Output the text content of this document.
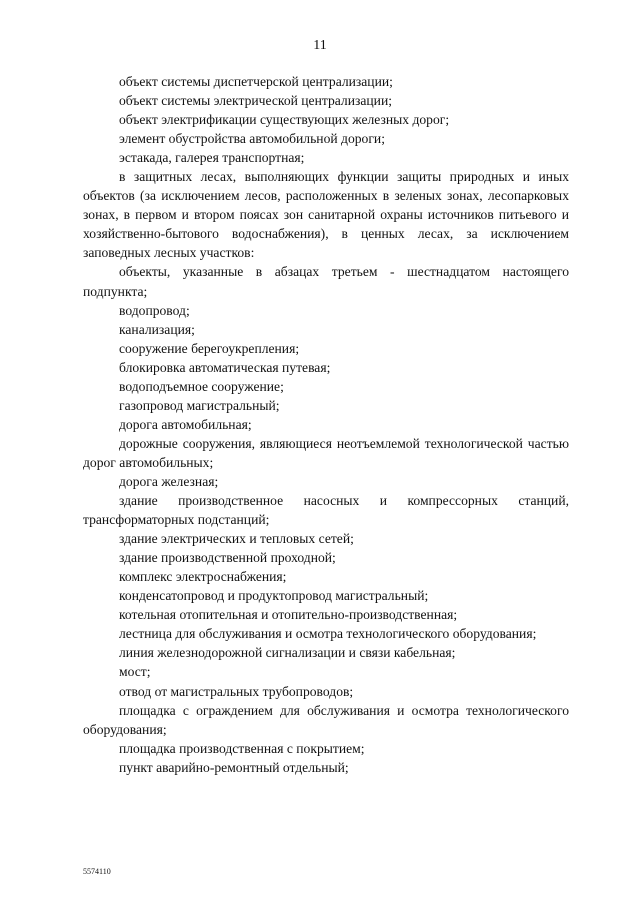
11

объект системы диспетчерской централизации;

объект системы электрической централизации;

объект электрификации существующих железных дорог;

элемент обустройства автомобильной дороги;

эстакада, галерея транспортная;

в защитных лесах, выполняющих функции защиты природных и иных объектов (за исключением лесов, расположенных в зеленых зонах, лесопарковых зонах, в первом и втором поясах зон санитарной охраны источников питьевого и хозяйственно-бытового водоснабжения), в ценных лесах, за исключением заповедных лесных участков:

объекты, указанные в абзацах третьем - шестнадцатом настоящего подпункта;

водопровод;

канализация;

сооружение берегоукрепления;

блокировка автоматическая путевая;

водоподъемное сооружение;

газопровод магистральный;

дорога автомобильная;

дорожные сооружения, являющиеся неотъемлемой технологической частью дорог автомобильных;

дорога железная;

здание производственное насосных и компрессорных станций, трансформаторных подстанций;

здание электрических и тепловых сетей;

здание производственной проходной;

комплекс электроснабжения;

конденсатопровод и продуктопровод магистральный;

котельная отопительная и отопительно-производственная;

лестница для обслуживания и осмотра технологического оборудования;

линия железнодорожной сигнализации и связи кабельная;

мост;

отвод от магистральных трубопроводов;

площадка с ограждением для обслуживания и осмотра технологического оборудования;

площадка производственная с покрытием;

пункт аварийно-ремонтный отдельный;

5574110
